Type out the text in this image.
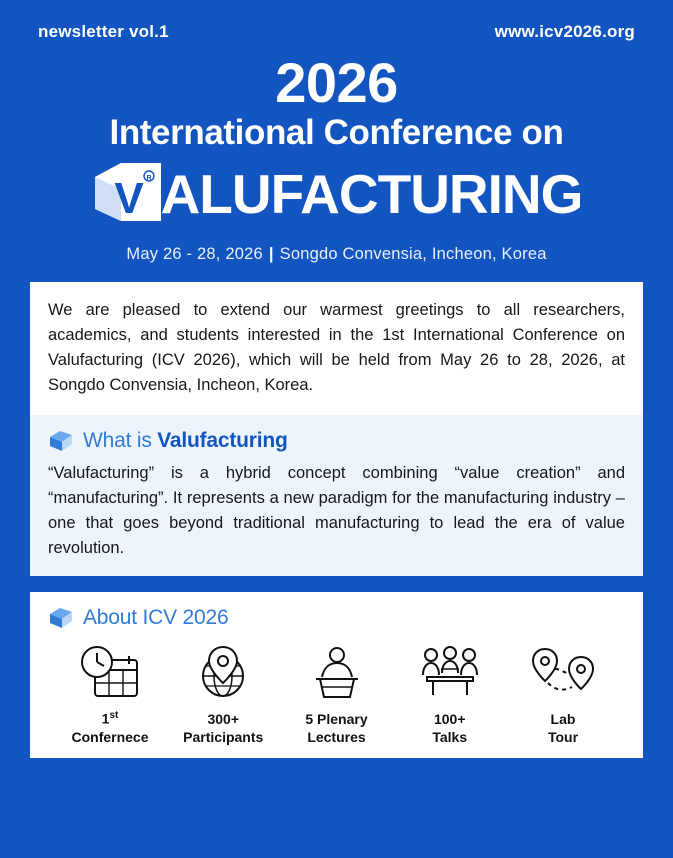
newsletter vol.1	www.icv2026.org
2026
International Conference on
V R ALUFACTURING
May 26 - 28, 2026 | Songdo Convensia, Incheon, Korea

We are pleased to extend our warmest greetings to all researchers, academics, and students interested in the 1st International Conference on Valufacturing (ICV 2026), which will be held from May 26 to 28, 2026, at Songdo Convensia, Incheon, Korea.

What is Valufacturing

“Valufacturing” is a hybrid concept combining “value creation” and “manufacturing”. It represents a new paradigm for the manufacturing industry – one that goes beyond traditional manufacturing to lead the era of value revolution.

About ICV 2026
1st
Confernece
300+
Participants
5 Plenary
Lectures
100+
Talks
Lab
Tour
